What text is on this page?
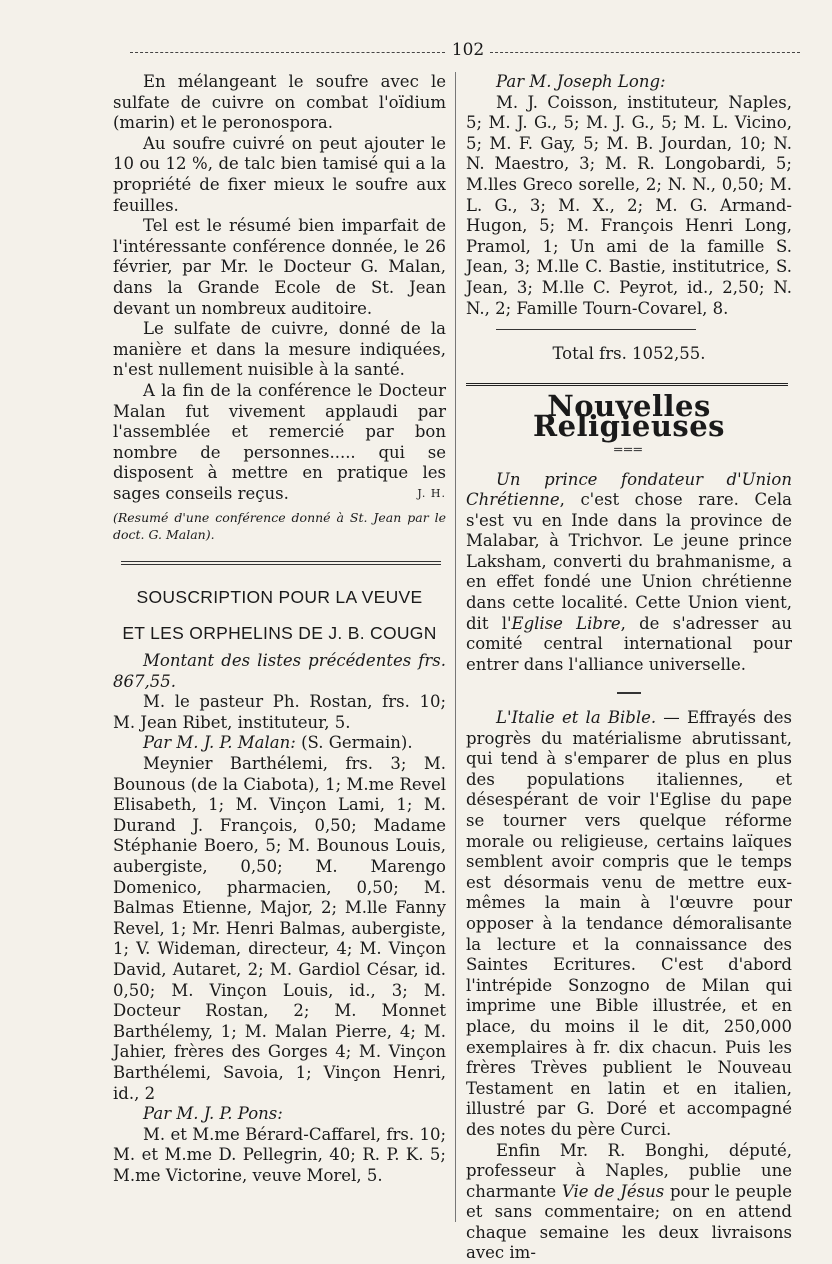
102

En mélangeant le soufre avec le sulfate de cuivre on combat l'oïdium (marin) et le peronospora.

Au soufre cuivré on peut ajouter le 10 ou 12 %, de talc bien tamisé qui a la propriété de fixer mieux le soufre aux feuilles.

Tel est le résumé bien imparfait de l'intéressante conférence donnée, le 26 février, par Mr. le Docteur G. Malan, dans la Grande Ecole de St. Jean devant un nombreux auditoire.

Le sulfate de cuivre, donné de la manière et dans la mesure indiquées, n'est nullement nuisible à la santé.

A la fin de la conférence le Docteur Malan fut vivement applaudi par l'assemblée et remercié par bon nombre de personnes..... qui se disposent à mettre en pratique les sages conseils reçus.	J. H.

(Resumé d'une conférence donné à St. Jean par le doct. G. Malan).

SOUSCRIPTION POUR LA VEUVE
ET LES ORPHELINS DE J. B. COUGN

Montant des listes précédentes frs. 867,55.

M. le pasteur Ph. Rostan, frs. 10; M. Jean Ribet, instituteur, 5.

Par M. J. P. Malan: (S. Germain).

Meynier Barthélemi, frs. 3; M. Bounous (de la Ciabota), 1; M.me Revel Elisabeth, 1; M. Vinçon Lami, 1; M. Durand J. François, 0,50; Madame Stéphanie Boero, 5; M. Bounous Louis, aubergiste, 0,50; M. Marengo Domenico, pharmacien, 0,50; M. Balmas Etienne, Major, 2; M.lle Fanny Revel, 1; Mr. Henri Balmas, aubergiste, 1; V. Wideman, directeur, 4; M. Vinçon David, Autaret, 2; M. Gardiol César, id. 0,50; M. Vinçon Louis, id., 3; M. Docteur Rostan, 2; M. Monnet Barthélemy, 1; M. Malan Pierre, 4; M. Jahier, frères des Gorges 4; M. Vinçon Barthélemi, Savoia, 1; Vinçon Henri, id., 2

Par M. J. P. Pons:

M. et M.me Bérard-Caffarel, frs. 10; M. et M.me D. Pellegrin, 40; R. P. K. 5; M.me Victorine, veuve Morel, 5.

Par M. Joseph Long:

M. J. Coisson, instituteur, Naples, 5; M. J. G., 5; M. J. G., 5; M. L. Vicino, 5; M. F. Gay, 5; M. B. Jourdan, 10; N. N. Maestro, 3; M. R. Longobardi, 5; M.lles Greco sorelle, 2; N. N., 0,50; M. L. G., 3; M. X., 2; M. G. Armand-Hugon, 5; M. François Henri Long, Pramol, 1; Un ami de la famille S. Jean, 3; M.lle C. Bastie, institutrice, S. Jean, 3; M.lle C. Peyrot, id., 2,50; N. N., 2; Famille Tourn-Covarel, 8.

Total frs. 1052,55.

Nouvelles Religieuses
═══

Un prince fondateur d'Union Chrétienne, c'est chose rare. Cela s'est vu en Inde dans la province de Malabar, à Trichvor. Le jeune prince Laksham, converti du brahmanisme, a en effet fondé une Union chrétienne dans cette localité. Cette Union vient, dit l'Eglise Libre, de s'adresser au comité central international pour entrer dans l'alliance universelle.

L'Italie et la Bible. — Effrayés des progrès du matérialisme abrutissant, qui tend à s'emparer de plus en plus des populations italiennes, et désespérant de voir l'Eglise du pape se tourner vers quelque réforme morale ou religieuse, certains laïques semblent avoir compris que le temps est désormais venu de mettre eux-mêmes la main à l'œuvre pour opposer à la tendance démoralisante la lecture et la connaissance des Saintes Ecritures. C'est d'abord l'intrépide Sonzogno de Milan qui imprime une Bible illustrée, et en place, du moins il le dit, 250,000 exemplaires à fr. dix chacun. Puis les frères Trèves publient le Nouveau Testament en latin et en italien, illustré par G. Doré et accompagné des notes du père Curci.

Enfin Mr. R. Bonghi, député, professeur à Naples, publie une charmante Vie de Jésus pour le peuple et sans commentaire; on en attend chaque semaine les deux livraisons avec im-
